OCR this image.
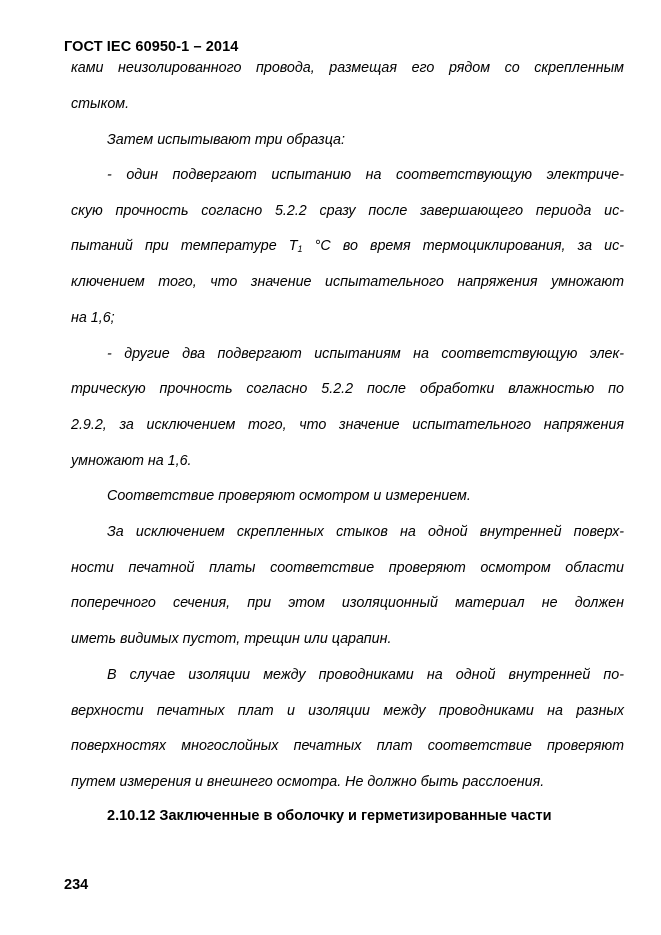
ГОСТ IEC 60950-1 – 2014
ками неизолированного провода, размещая его рядом со скрепленным
стыком.
Затем испытывают три образца:
- один подвергают испытанию на соответствующую электриче-
скую прочность согласно 5.2.2 сразу после завершающего периода ис-
пытаний при температуре $T_1$ °C во время термоциклирования, за ис-
ключением того, что значение испытательного напряжения умножают
на 1,6;
- другие два подвергают испытаниям на соответствующую элек-
трическую прочность согласно 5.2.2 после обработки влажностью по
2.9.2, за исключением того, что значение испытательного напряжения
умножают на 1,6.
Соответствие проверяют осмотром и измерением.
За исключением скрепленных стыков на одной внутренней поверх-
ности печатной платы соответствие проверяют осмотром области
поперечного сечения, при этом изоляционный материал не должен
иметь видимых пустот, трещин или царапин.
В случае изоляции между проводниками на одной внутренней по-
верхности печатных плат и изоляции между проводниками на разных
поверхностях многослойных печатных плат соответствие проверяют
путем измерения и внешнего осмотра. Не должно быть расслоения.
2.10.12 Заключенные в оболочку и герметизированные части
234
